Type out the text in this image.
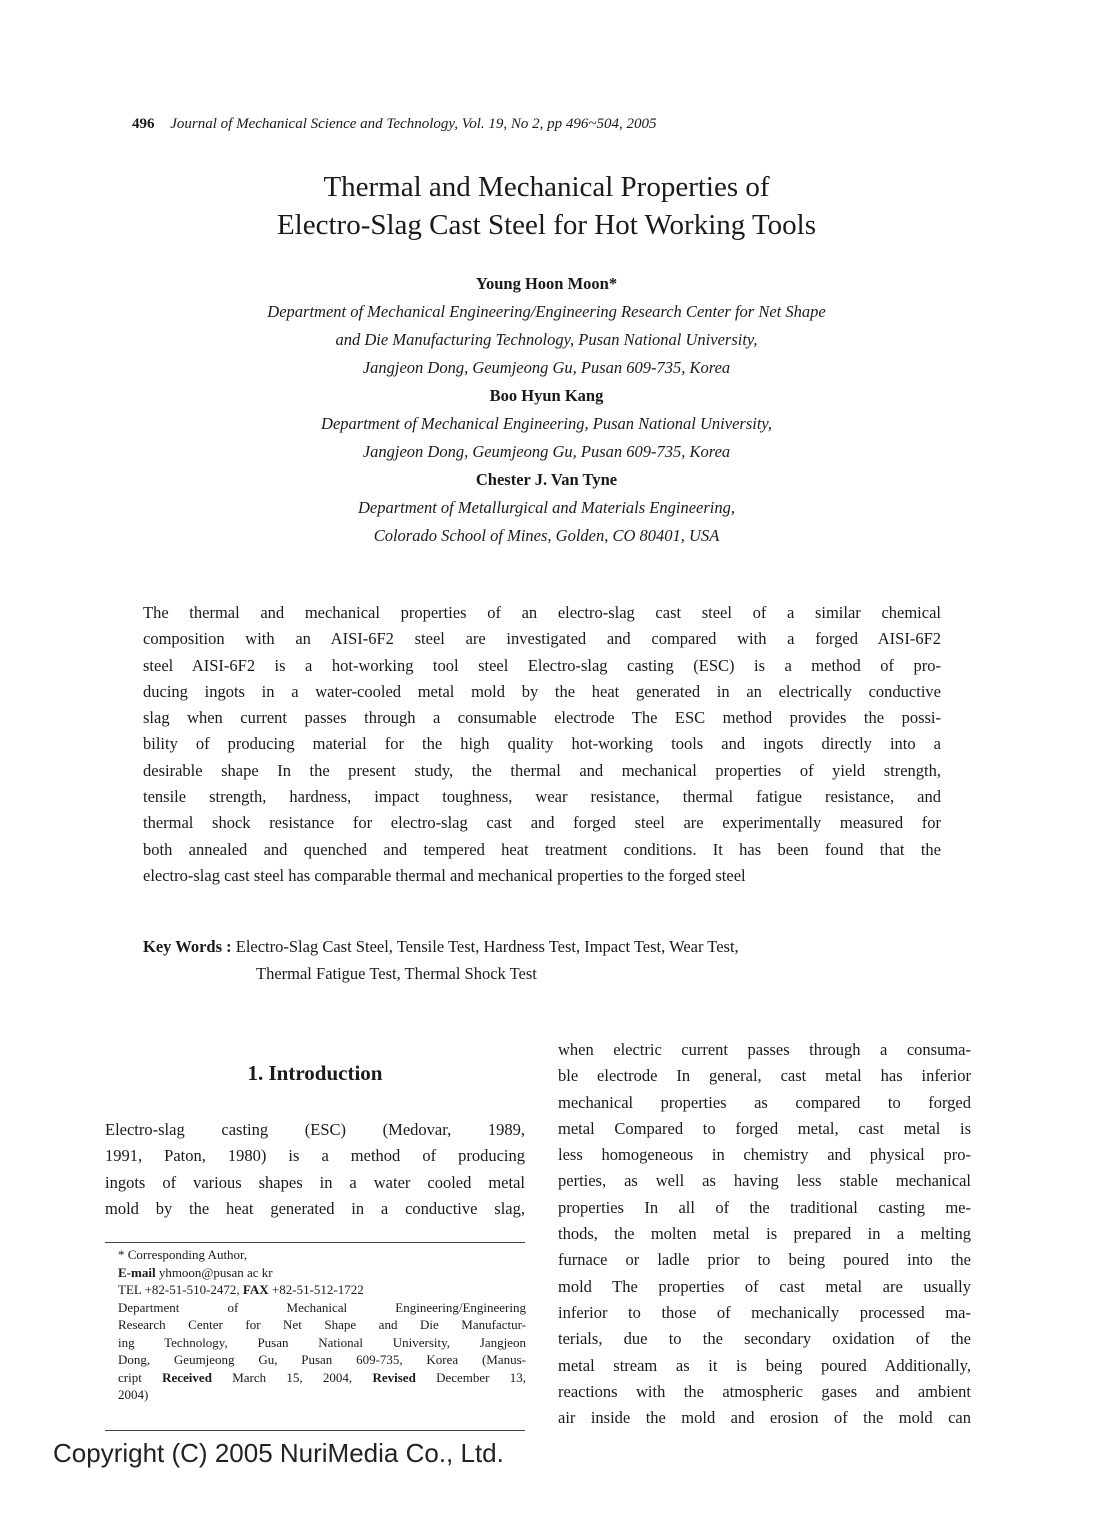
496 Journal of Mechanical Science and Technology, Vol. 19, No 2, pp 496~504, 2005
Thermal and Mechanical Properties of
Electro-Slag Cast Steel for Hot Working Tools
Young Hoon Moon*
Department of Mechanical Engineering/Engineering Research Center for Net Shape
and Die Manufacturing Technology, Pusan National University,
Jangjeon Dong, Geumjeong Gu, Pusan 609-735, Korea
Boo Hyun Kang
Department of Mechanical Engineering, Pusan National University,
Jangjeon Dong, Geumjeong Gu, Pusan 609-735, Korea
Chester J. Van Tyne
Department of Metallurgical and Materials Engineering,
Colorado School of Mines, Golden, CO 80401, USA
The thermal and mechanical properties of an electro-slag cast steel of a similar chemical
composition with an AISI-6F2 steel are investigated and compared with a forged AISI-6F2
steel AISI-6F2 is a hot-working tool steel Electro-slag casting (ESC) is a method of pro-
ducing ingots in a water-cooled metal mold by the heat generated in an electrically conductive
slag when current passes through a consumable electrode The ESC method provides the possi-
bility of producing material for the high quality hot-working tools and ingots directly into a
desirable shape In the present study, the thermal and mechanical properties of yield strength,
tensile strength, hardness, impact toughness, wear resistance, thermal fatigue resistance, and
thermal shock resistance for electro-slag cast and forged steel are experimentally measured for
both annealed and quenched and tempered heat treatment conditions. It has been found that the
electro-slag cast steel has comparable thermal and mechanical properties to the forged steel
Key Words : Electro-Slag Cast Steel, Tensile Test, Hardness Test, Impact Test, Wear Test,
Thermal Fatigue Test, Thermal Shock Test
1. Introduction
Electro-slag casting (ESC) (Medovar, 1989,
1991, Paton, 1980) is a method of producing
ingots of various shapes in a water cooled metal
mold by the heat generated in a conductive slag,
* Corresponding Author,
E-mail yhmoon@pusan ac kr
TEL +82-51-510-2472, FAX +82-51-512-1722
Department of Mechanical Engineering/Engineering
Research Center for Net Shape and Die Manufactur-
ing Technology, Pusan National University, Jangjeon
Dong, Geumjeong Gu, Pusan 609-735, Korea (Manus-
cript Received March 15, 2004, Revised December 13,
2004)
when electric current passes through a consuma-
ble electrode In general, cast metal has inferior
mechanical properties as compared to forged
metal Compared to forged metal, cast metal is
less homogeneous in chemistry and physical pro-
perties, as well as having less stable mechanical
properties In all of the traditional casting me-
thods, the molten metal is prepared in a melting
furnace or ladle prior to being poured into the
mold The properties of cast metal are usually
inferior to those of mechanically processed ma-
terials, due to the secondary oxidation of the
metal stream as it is being poured Additionally,
reactions with the atmospheric gases and ambient
air inside the mold and erosion of the mold can
Copyright (C) 2005 NuriMedia Co., Ltd.
